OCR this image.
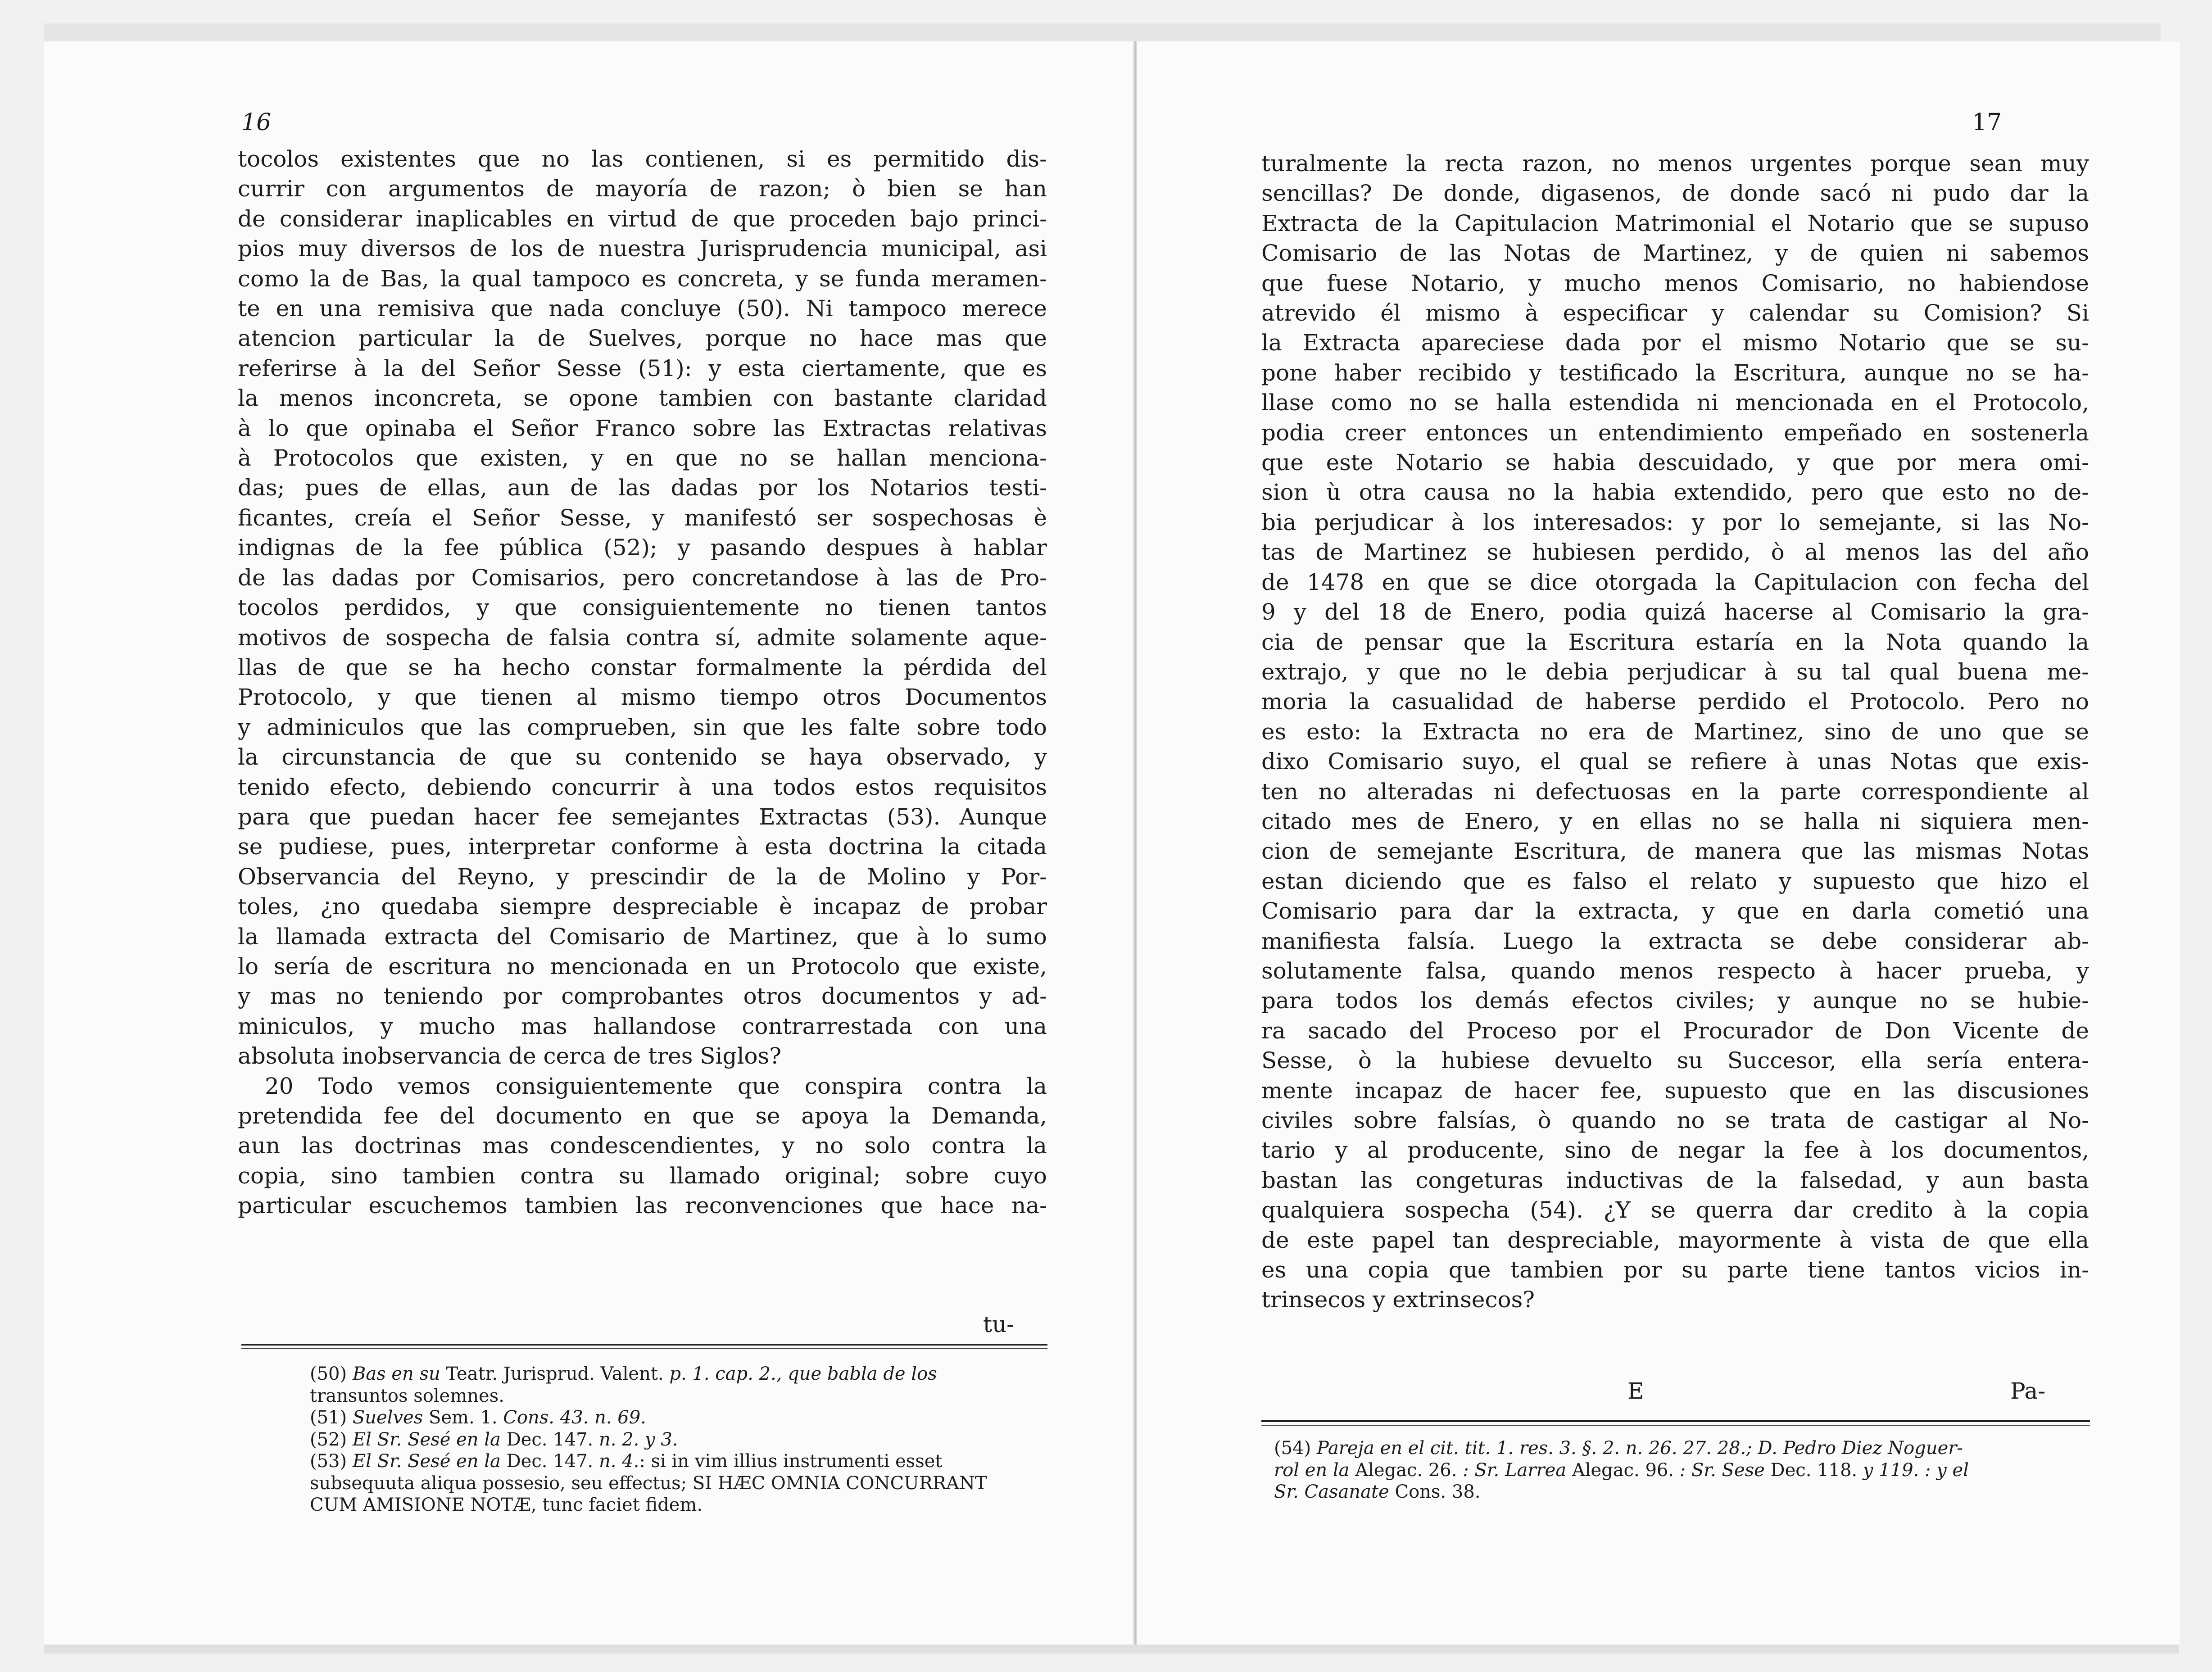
16
tocolos existentes que no las contienen, si es permitido dis-
currir con argumentos de mayoría de razon; ò bien se han
de considerar inaplicables en virtud de que proceden bajo princi-
pios muy diversos de los de nuestra Jurisprudencia municipal, asi
como la de Bas, la qual tampoco es concreta, y se funda meramen-
te en una remisiva que nada concluye (50). Ni tampoco merece
atencion particular la de Suelves, porque no hace mas que
referirse à la del Señor Sesse (51): y esta ciertamente, que es
la menos inconcreta, se opone tambien con bastante claridad
à lo que opinaba el Señor Franco sobre las Extractas relativas
à Protocolos que existen, y en que no se hallan menciona-
das; pues de ellas, aun de las dadas por los Notarios testi-
ficantes, creía el Señor Sesse, y manifestó ser sospechosas è
indignas de la fee pública (52); y pasando despues à hablar
de las dadas por Comisarios, pero concretandose à las de Pro-
tocolos perdidos, y que consiguientemente no tienen tantos
motivos de sospecha de falsia contra sí, admite solamente aque-
llas de que se ha hecho constar formalmente la pérdida del
Protocolo, y que tienen al mismo tiempo otros Documentos
y adminiculos que las comprueben, sin que les falte sobre todo
la circunstancia de que su contenido se haya observado, y
tenido efecto, debiendo concurrir à una todos estos requisitos
para que puedan hacer fee semejantes Extractas (53). Aunque
se pudiese, pues, interpretar conforme à esta doctrina la citada
Observancia del Reyno, y prescindir de la de Molino y Por-
toles, ¿no quedaba siempre despreciable è incapaz de probar
la llamada extracta del Comisario de Martinez, que à lo sumo
lo sería de escritura no mencionada en un Protocolo que existe,
y mas no teniendo por comprobantes otros documentos y ad-
miniculos, y mucho mas hallandose contrarrestada con una
absoluta inobservancia de cerca de tres Siglos?
20 Todo vemos consiguientemente que conspira contra la
pretendida fee del documento en que se apoya la Demanda,
aun las doctrinas mas condescendientes, y no solo contra la
copia, sino tambien contra su llamado original; sobre cuyo
particular escuchemos tambien las reconvenciones que hace na-
tu-
(50) Bas en su Teatr. Jurisprud. Valent. p. 1. cap. 2., que babla de los
transuntos solemnes.
(51) Suelves Sem. 1. Cons. 43. n. 69.
(52) El Sr. Sesé en la Dec. 147. n. 2. y 3.
(53) El Sr. Sesé en la Dec. 147. n. 4.: si in vim illius instrumenti esset
subsequuta aliqua possesio, seu effectus; SI HÆC OMNIA CONCURRANT
CUM AMISIONE NOTÆ, tunc faciet fidem.
17
turalmente la recta razon, no menos urgentes porque sean muy
sencillas? De donde, digasenos, de donde sacó ni pudo dar la
Extracta de la Capitulacion Matrimonial el Notario que se supuso
Comisario de las Notas de Martinez, y de quien ni sabemos
que fuese Notario, y mucho menos Comisario, no habiendose
atrevido él mismo à especificar y calendar su Comision? Si
la Extracta apareciese dada por el mismo Notario que se su-
pone haber recibido y testificado la Escritura, aunque no se ha-
llase como no se halla estendida ni mencionada en el Protocolo,
podia creer entonces un entendimiento empeñado en sostenerla
que este Notario se habia descuidado, y que por mera omi-
sion ù otra causa no la habia extendido, pero que esto no de-
bia perjudicar à los interesados: y por lo semejante, si las No-
tas de Martinez se hubiesen perdido, ò al menos las del año
de 1478 en que se dice otorgada la Capitulacion con fecha del
9 y del 18 de Enero, podia quizá hacerse al Comisario la gra-
cia de pensar que la Escritura estaría en la Nota quando la
extrajo, y que no le debia perjudicar à su tal qual buena me-
moria la casualidad de haberse perdido el Protocolo. Pero no
es esto: la Extracta no era de Martinez, sino de uno que se
dixo Comisario suyo, el qual se refiere à unas Notas que exis-
ten no alteradas ni defectuosas en la parte correspondiente al
citado mes de Enero, y en ellas no se halla ni siquiera men-
cion de semejante Escritura, de manera que las mismas Notas
estan diciendo que es falso el relato y supuesto que hizo el
Comisario para dar la extracta, y que en darla cometió una
manifiesta falsía. Luego la extracta se debe considerar ab-
solutamente falsa, quando menos respecto à hacer prueba, y
para todos los demás efectos civiles; y aunque no se hubie-
ra sacado del Proceso por el Procurador de Don Vicente de
Sesse, ò la hubiese devuelto su Succesor, ella sería entera-
mente incapaz de hacer fee, supuesto que en las discusiones
civiles sobre falsías, ò quando no se trata de castigar al No-
tario y al producente, sino de negar la fee à los documentos,
bastan las congeturas inductivas de la falsedad, y aun basta
qualquiera sospecha (54). ¿Y se querra dar credito à la copia
de este papel tan despreciable, mayormente à vista de que ella
es una copia que tambien por su parte tiene tantos vicios in-
trinsecos y extrinsecos?
E	Pa-
(54) Pareja en el cit. tit. 1. res. 3. §. 2. n. 26. 27. 28.; D. Pedro Diez Noguer-
rol en la Alegac. 26. : Sr. Larrea Alegac. 96. : Sr. Sese Dec. 118. y 119. : y el
Sr. Casanate Cons. 38.
